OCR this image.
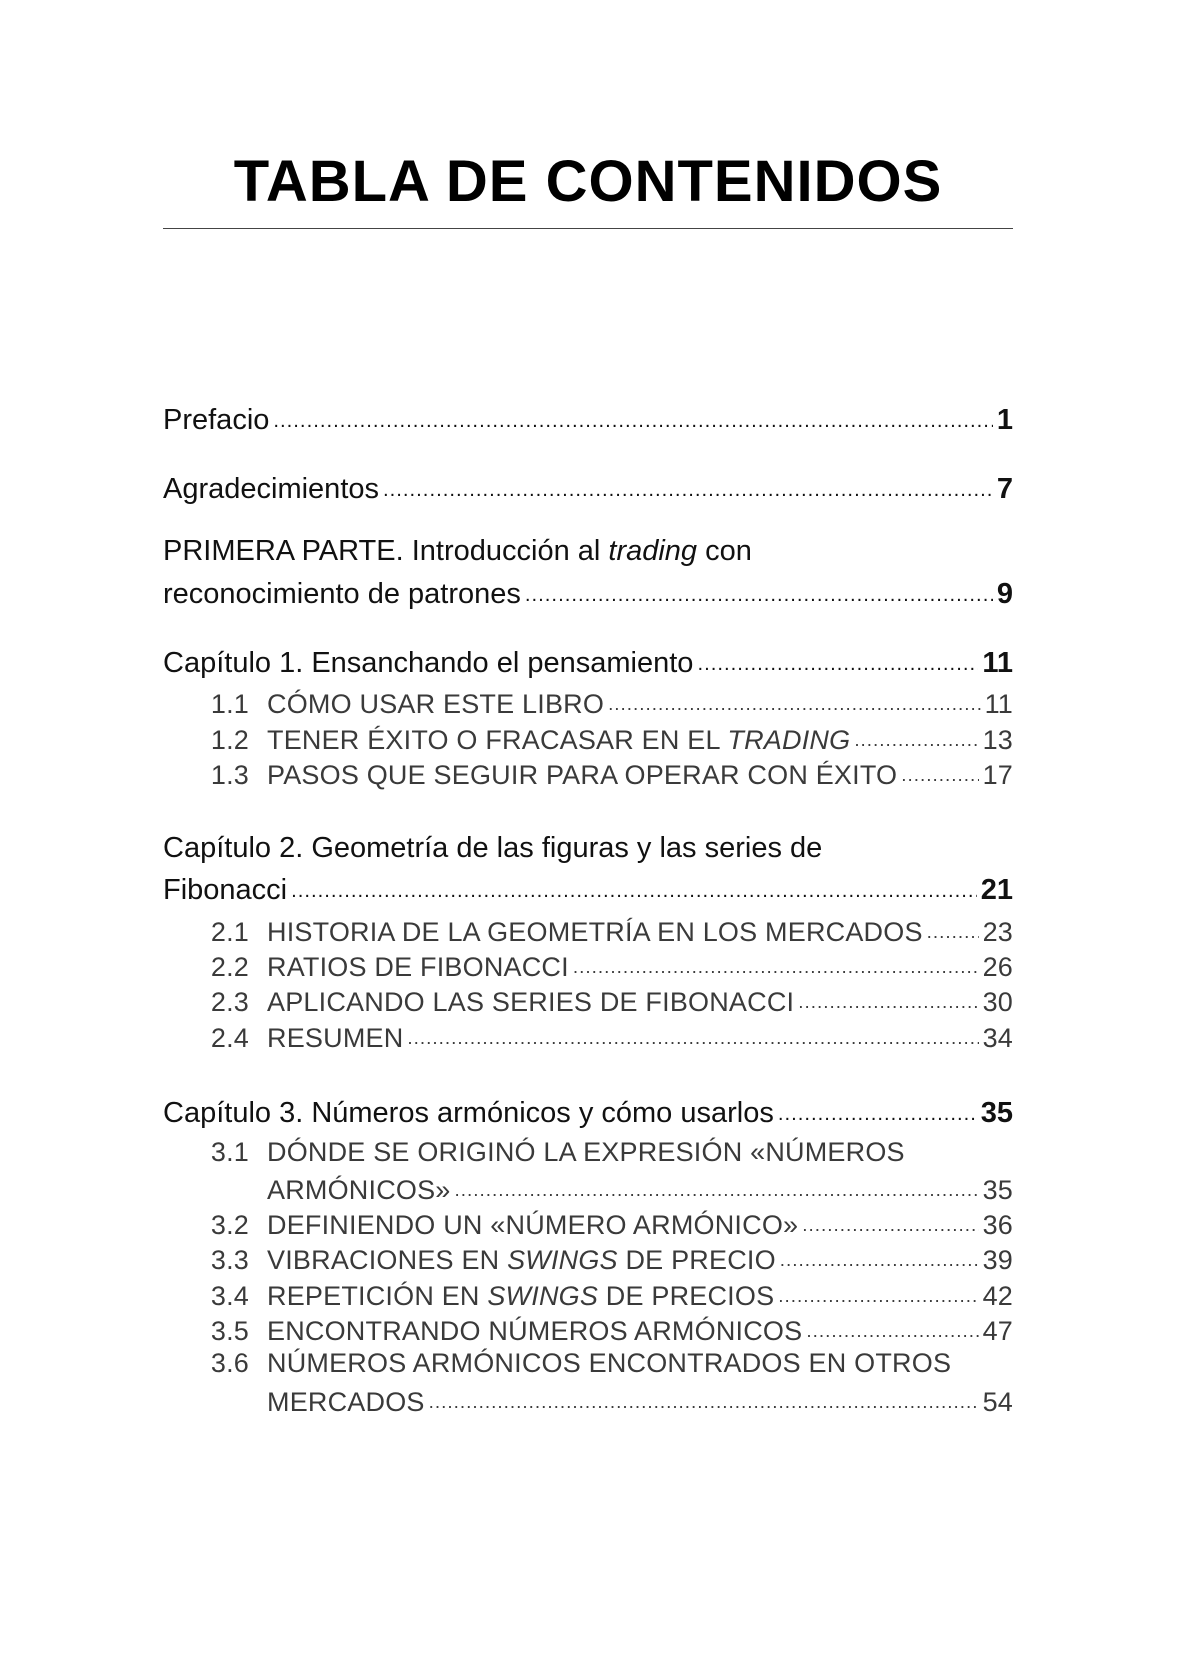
TABLA DE CONTENIDOS
Prefacio .....	1
Agradecimientos .....	7
PRIMERA PARTE. Introducción al trading con
reconocimiento de patrones .....	9
Capítulo 1. Ensanchando el pensamiento .....	11
1.1 CÓMO USAR ESTE LIBRO .....	11
1.2 TENER ÉXITO O FRACASAR EN EL TRADING .....	13
1.3 PASOS QUE SEGUIR PARA OPERAR CON ÉXITO .....	17
Capítulo 2. Geometría de las figuras y las series de
Fibonacci .....	21
2.1 HISTORIA DE LA GEOMETRÍA EN LOS MERCADOS ..... 23
2.2 RATIOS DE FIBONACCI .....	26
2.3 APLICANDO LAS SERIES DE FIBONACCI .....	30
2.4 RESUMEN .....	34
Capítulo 3. Números armónicos y cómo usarlos .....	35
3.1 DÓNDE SE ORIGINÓ LA EXPRESIÓN «NÚMEROS
ARMÓNICOS» .....	35
3.2 DEFINIENDO UN «NÚMERO ARMÓNICO» .....	36
3.3 VIBRACIONES EN SWINGS DE PRECIO .....	39
3.4 REPETICIÓN EN SWINGS DE PRECIOS .....	42
3.5 ENCONTRANDO NÚMEROS ARMÓNICOS .....	47
3.6 NÚMEROS ARMÓNICOS ENCONTRADOS EN OTROS
MERCADOS .....	54
